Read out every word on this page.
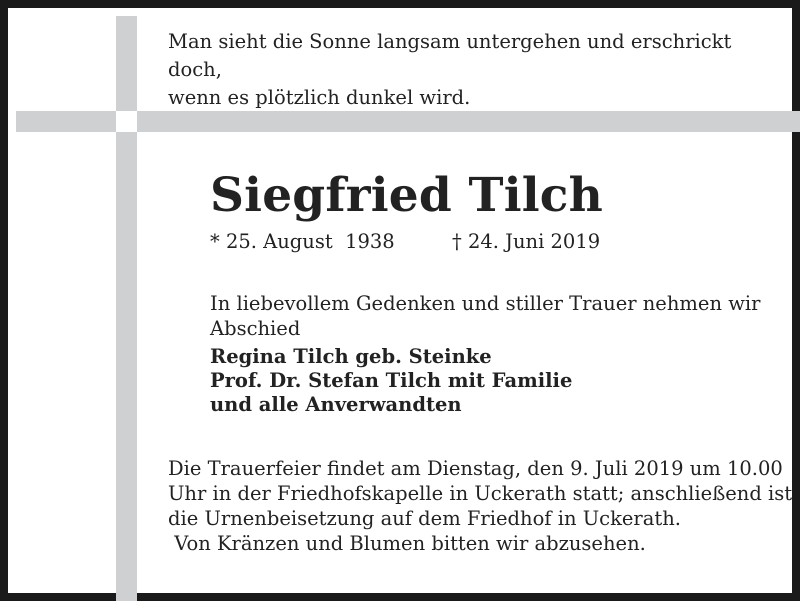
Man sieht die Sonne langsam untergehen und erschrickt doch,
wenn es plötzlich dunkel wird.
Siegfried Tilch
* 25. August  1938	† 24. Juni 2019
In liebevollem Gedenken und stiller Trauer nehmen wir Abschied
Regina Tilch geb. Steinke
Prof. Dr. Stefan Tilch mit Familie
und alle Anverwandten
Die Trauerfeier findet am Dienstag, den 9. Juli 2019 um 10.00
Uhr in der Friedhofskapelle in Uckerath statt; anschließend ist
die Urnenbeisetzung auf dem Friedhof in Uckerath.
Von Kränzen und Blumen bitten wir abzusehen.
